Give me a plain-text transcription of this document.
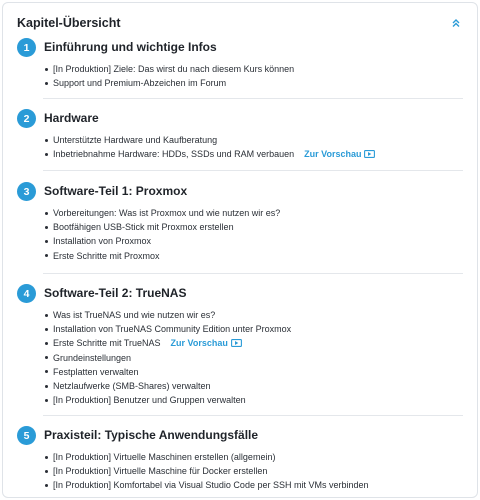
Kapitel-Übersicht
1	Einführung und wichtige Infos
[In Produktion] Ziele: Das wirst du nach diesem Kurs können
Support und Premium-Abzeichen im Forum
2	Hardware
Unterstützte Hardware und Kaufberatung
Inbetriebnahme Hardware: HDDs, SSDs und RAM verbauen Zur Vorschau
3	Software-Teil 1: Proxmox
Vorbereitungen: Was ist Proxmox und wie nutzen wir es?
Bootfähigen USB-Stick mit Proxmox erstellen
Installation von Proxmox
Erste Schritte mit Proxmox
4	Software-Teil 2: TrueNAS
Was ist TrueNAS und wie nutzen wir es?
Installation von TrueNAS Community Edition unter Proxmox
Erste Schritte mit TrueNAS Zur Vorschau
Grundeinstellungen
Festplatten verwalten
Netzlaufwerke (SMB-Shares) verwalten
[In Produktion] Benutzer und Gruppen verwalten
5	Praxisteil: Typische Anwendungsfälle
[In Produktion] Virtuelle Maschinen erstellen (allgemein)
[In Produktion] Virtuelle Maschine für Docker erstellen
[In Produktion] Komfortabel via Visual Studio Code per SSH mit VMs verbinden
